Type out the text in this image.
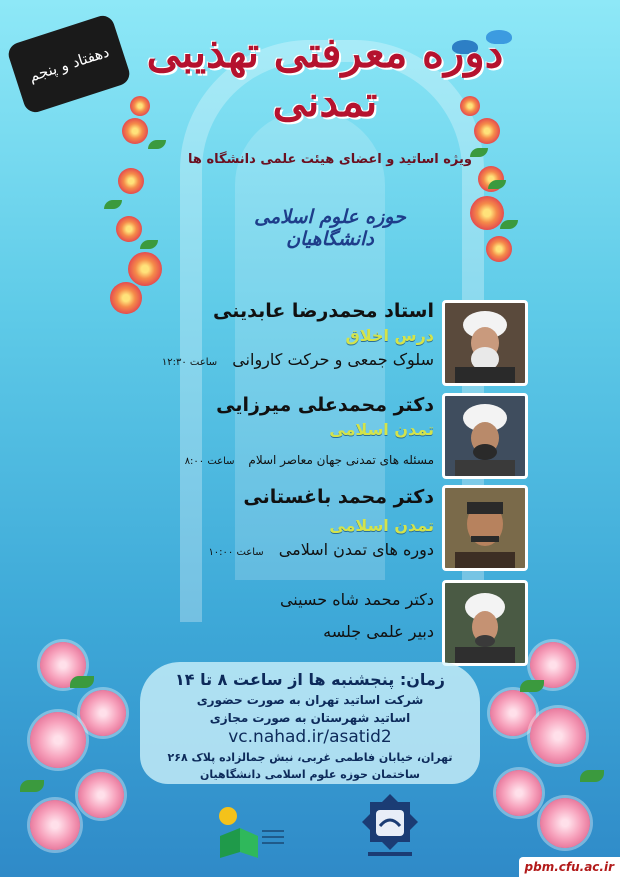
دهفتاد و پنجم دوره معرفتی تهذیبی تمدنی
ویژه اساتید و اعضای هیئت علمی دانشگاه ها
حوزه علوم اسلامی دانشگاهیان
استاد محمدرضا عابدینی
درس اخلاق
سلوک جمعی و حرکت کاروانی ساعت ۱۲:۳۰
دکتر محمدعلی میرزایی
تمدن اسلامی
مسئله های تمدنی جهان معاصر اسلام ساعت ۸:۰۰
دکتر محمد باغستانی
تمدن اسلامی
دوره های تمدن اسلامی ساعت ۱۰:۰۰
دکتر محمد شاه حسینی
دبیر علمی جلسه
زمان: پنجشنبه ها از ساعت ۸ تا ۱۴
شرکت اساتید تهران به صورت حضوری
اساتید شهرستان به صورت مجازی
vc.nahad.ir/asatid2
تهران، خیابان فاطمی غربی، نبش جمالزاده پلاک ۲۶۸
ساختمان حوزه علوم اسلامی دانشگاهیان
pbm.cfu.ac.ir
